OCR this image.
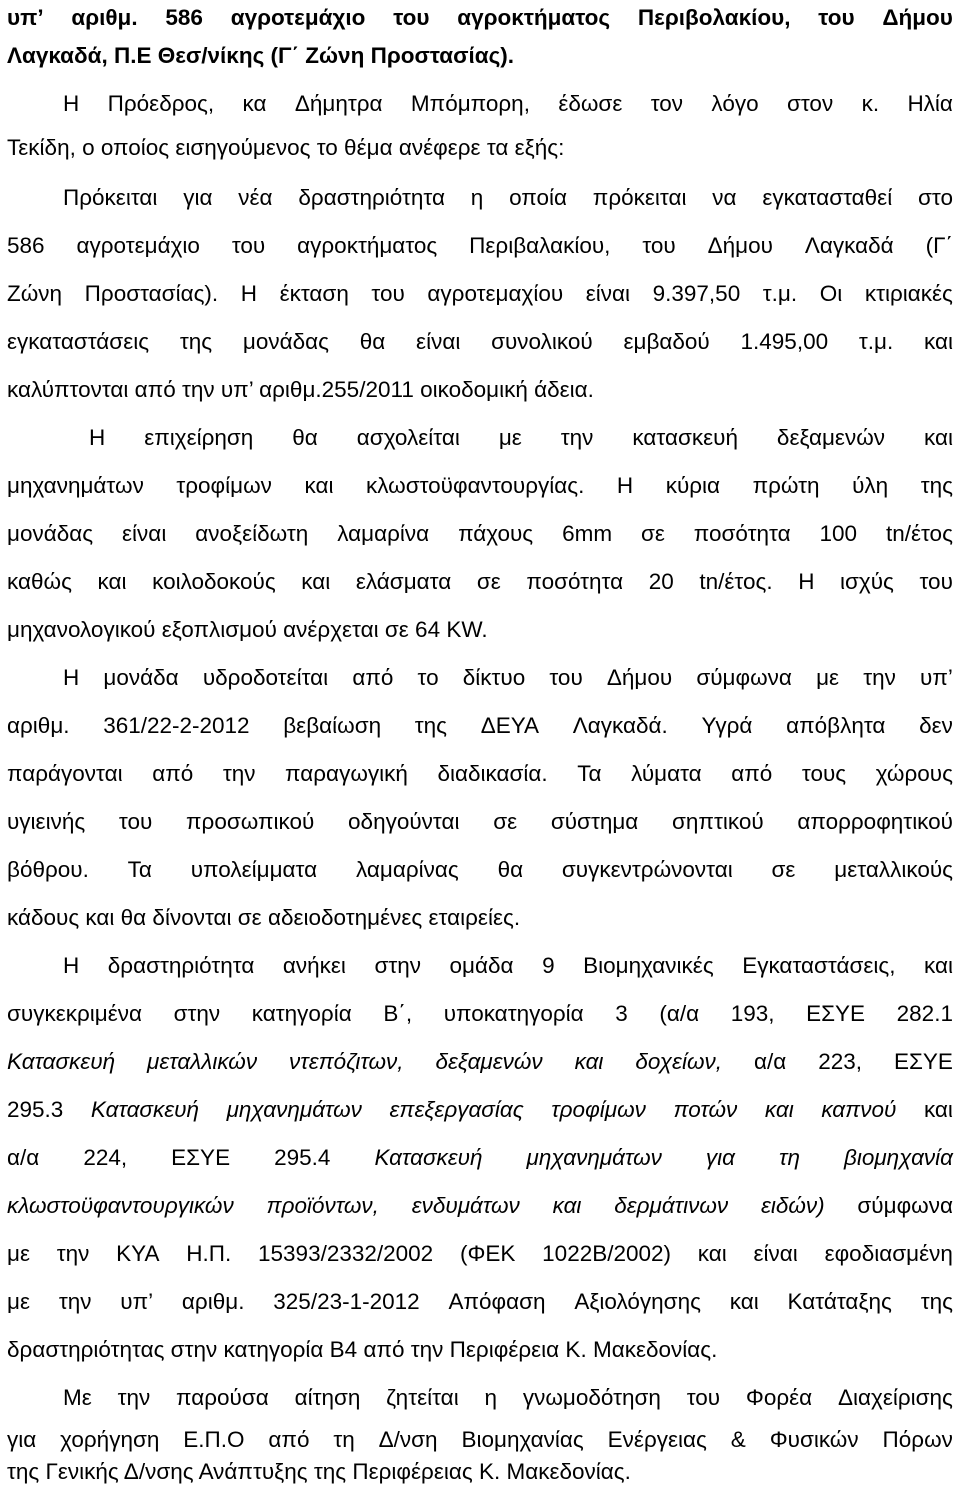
υπ’ αριθμ. 586 αγροτεμάχιο του αγροκτήματος Περιβολακίου, του Δήμου
Λαγκαδά, Π.Ε Θεσ/νίκης (Γ΄ Ζώνη Προστασίας).
Η Πρόεδρος, κα Δήμητρα Μπόμπορη, έδωσε τον λόγο στον κ. Ηλία
Τεκίδη, ο οποίος εισηγούμενος το θέμα ανέφερε τα εξής:
Πρόκειται για νέα δραστηριότητα η οποία πρόκειται να εγκατασταθεί στο
586 αγροτεμάχιο του αγροκτήματος Περιβαλακίου, του Δήμου Λαγκαδά (Γ΄
Ζώνη Προστασίας). Η έκταση του αγροτεμαχίου είναι 9.397,50 τ.μ. Οι κτιριακές
εγκαταστάσεις της μονάδας θα είναι συνολικού εμβαδού 1.495,00 τ.μ. και
καλύπτονται από την υπ’ αριθμ.255/2011 οικοδομική άδεια.
Η επιχείρηση θα ασχολείται με την κατασκευή δεξαμενών και
μηχανημάτων τροφίμων και κλωστοϋφαντουργίας. Η κύρια πρώτη ύλη της
μονάδας είναι ανοξείδωτη λαμαρίνα πάχους 6mm σε ποσότητα 100 tn/έτος
καθώς και κοιλοδοκούς και ελάσματα σε ποσότητα 20 tn/έτος. Η ισχύς του
μηχανολογικού εξοπλισμού ανέρχεται σε 64 KW.
Η μονάδα υδροδοτείται από το δίκτυο του Δήμου σύμφωνα με την υπ’
αριθμ. 361/22-2-2012 βεβαίωση της ΔΕΥΑ Λαγκαδά. Υγρά απόβλητα δεν
παράγονται από την παραγωγική διαδικασία. Τα λύματα από τους χώρους
υγιεινής του προσωπικού οδηγούνται σε σύστημα σηπτικού απορροφητικού
βόθρου. Τα υπολείμματα λαμαρίνας θα συγκεντρώνονται σε μεταλλικούς
κάδους και θα δίνονται σε αδειοδοτημένες εταιρείες.
Η δραστηριότητα ανήκει στην ομάδα 9 Βιομηχανικές Εγκαταστάσεις, και
συγκεκριμένα στην κατηγορία Β΄, υποκατηγορία 3 (α/α 193, ΕΣΥΕ 282.1
Κατασκευή μεταλλικών ντεπόζιτων, δεξαμενών και δοχείων, α/α 223, ΕΣΥΕ
295.3 Κατασκευή μηχανημάτων επεξεργασίας τροφίμων ποτών και καπνού και
α/α 224, ΕΣΥΕ 295.4 Κατασκευή μηχανημάτων για τη βιομηχανία
κλωστοϋφαντουργικών προϊόντων, ενδυμάτων και δερμάτινων ειδών) σύμφωνα
με την ΚΥΑ Η.Π. 15393/2332/2002 (ΦΕΚ 1022Β/2002) και είναι εφοδιασμένη
με την υπ’ αριθμ. 325/23-1-2012 Απόφαση Αξιολόγησης και Κατάταξης της
δραστηριότητας στην κατηγορία Β4 από την Περιφέρεια Κ. Μακεδονίας.
Με την παρούσα αίτηση ζητείται η γνωμοδότηση του Φορέα Διαχείρισης
για χορήγηση Ε.Π.Ο από τη Δ/νση Βιομηχανίας Ενέργειας & Φυσικών Πόρων
της Γενικής Δ/νσης Ανάπτυξης της Περιφέρειας Κ. Μακεδονίας.
